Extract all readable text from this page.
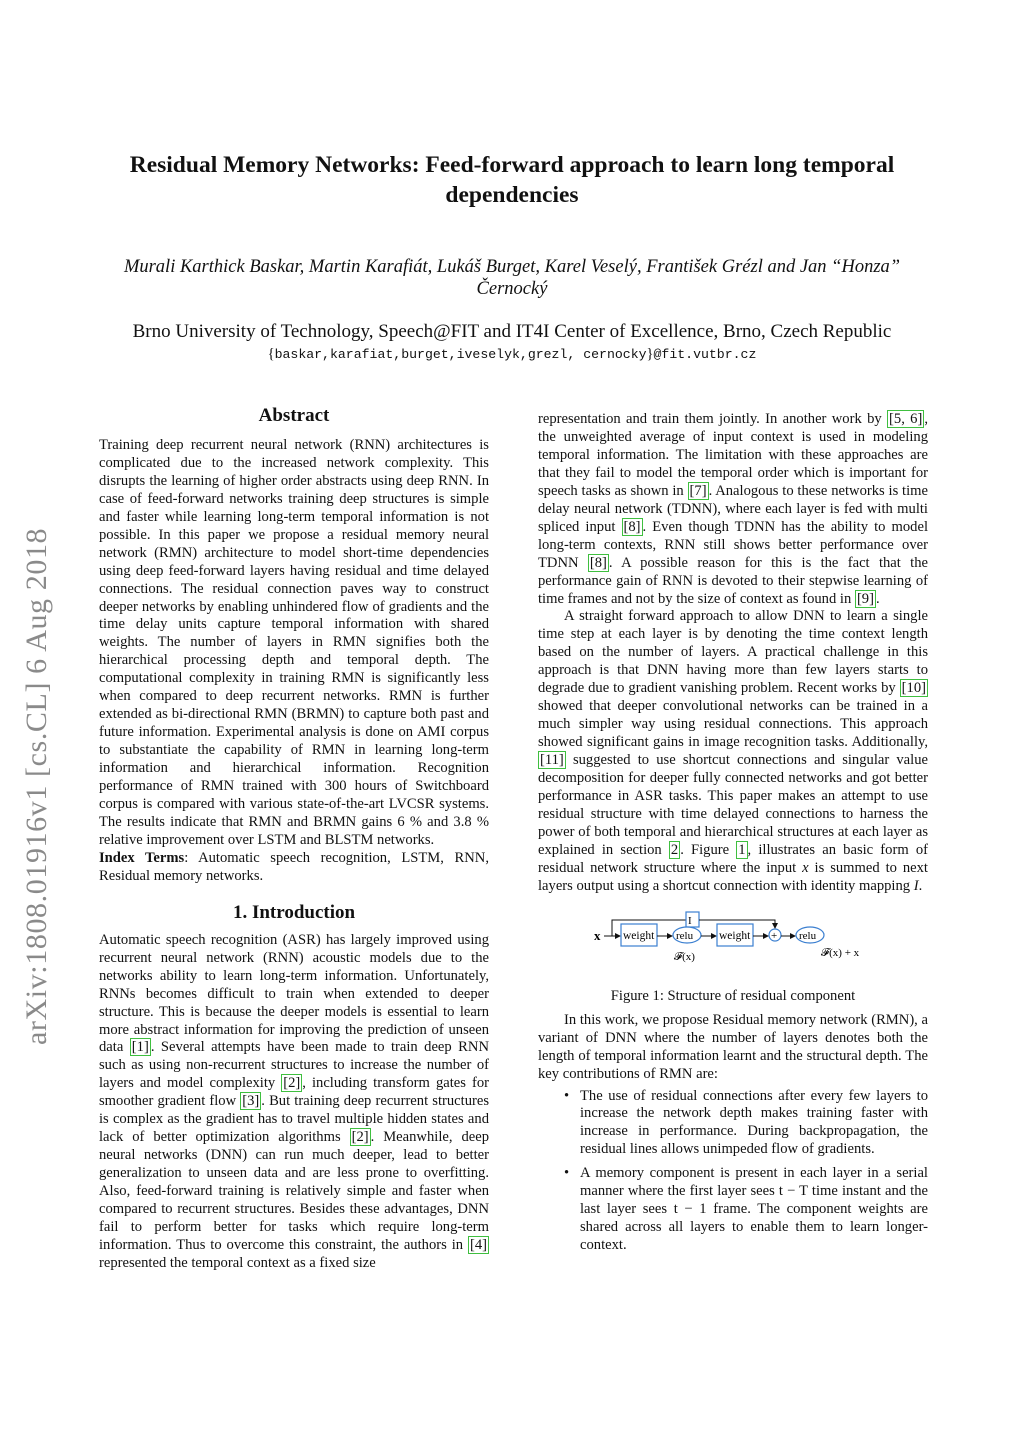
arXiv:1808.01916v1 [cs.CL] 6 Aug 2018
Residual Memory Networks: Feed-forward approach to learn long temporal dependencies
Murali Karthick Baskar, Martin Karafiát, Lukáš Burget, Karel Veselý, František Grézl and Jan “Honza” Černocký
Brno University of Technology, Speech@FIT and IT4I Center of Excellence, Brno, Czech Republic
{baskar,karafiat,burget,iveselyk,grezl, cernocky}@fit.vutbr.cz
Abstract

Training deep recurrent neural network (RNN) architectures is complicated due to the increased network complexity. This disrupts the learning of higher order abstracts using deep RNN. In case of feed-forward networks training deep structures is simple and faster while learning long-term temporal information is not possible. In this paper we propose a residual memory neural network (RMN) architecture to model short-time dependencies using deep feed-forward layers having residual and time delayed connections. The residual connection paves way to construct deeper networks by enabling unhindered flow of gradients and the time delay units capture temporal information with shared weights. The number of layers in RMN signifies both the hierarchical processing depth and temporal depth. The computational complexity in training RMN is significantly less when compared to deep recurrent networks. RMN is further extended as bi-directional RMN (BRMN) to capture both past and future information. Experimental analysis is done on AMI corpus to substantiate the capability of RMN in learning long-term information and hierarchical information. Recognition performance of RMN trained with 300 hours of Switchboard corpus is compared with various state-of-the-art LVCSR systems. The results indicate that RMN and BRMN gains 6 % and 3.8 % relative improvement over LSTM and BLSTM networks.

Index Terms: Automatic speech recognition, LSTM, RNN, Residual memory networks.

1. Introduction

Automatic speech recognition (ASR) has largely improved using recurrent neural network (RNN) acoustic models due to the networks ability to learn long-term information. Unfortunately, RNNs becomes difficult to train when extended to deeper structure. This is because the deeper models is essential to learn more abstract information for improving the prediction of unseen data [1] . Several attempts have been made to train deep RNN such as using non-recurrent structures to increase the number of layers and model complexity [2] , including transform gates for smoother gradient flow [3] . But training deep recurrent structures is complex as the gradient has to travel multiple hidden states and lack of better optimization algorithms [2] . Meanwhile, deep neural networks (DNN) can run much deeper, lead to better generalization to unseen data and are less prone to overfitting. Also, feed-forward training is relatively simple and faster when compared to recurrent structures. Besides these advantages, DNN fail to perform better for tasks which require long-term information. Thus to overcome this constraint, the authors in [4] represented the temporal context as a fixed size

representation and train them jointly. In another work by [5, 6] , the unweighted average of input context is used in modeling temporal information. The limitation with these approaches are that they fail to model the temporal order which is important for speech tasks as shown in [7] . Analogous to these networks is time delay neural network (TDNN), where each layer is fed with multi spliced input [8] . Even though TDNN has the ability to model long-term contexts, RNN still shows better performance over TDNN [8] . A possible reason for this is the fact that the performance gain of RNN is devoted to their stepwise learning of time frames and not by the size of context as found in [9] .

A straight forward approach to allow DNN to learn a single time step at each layer is by denoting the time context length based on the number of layers. A practical challenge in this approach is that DNN having more than few layers starts to degrade due to gradient vanishing problem. Recent works by [10] showed that deeper convolutional networks can be trained in a much simpler way using residual connections. This approach showed significant gains in image recognition tasks. Additionally, [11] suggested to use shortcut connections and singular value decomposition for deeper fully connected networks and got better performance in ASR tasks. This paper makes an attempt to use residual structure with time delayed connections to harness the power of both temporal and hierarchical structures at each layer as explained in section 2 . Figure 1 , illustrates an basic form of residual network structure where the input x is summed to next layers output using a shortcut connection with identity mapping I.

x
I
weight relu weight + relu
𝓕(x)	𝓕(x) + x
Figure 1: Structure of residual component

In this work, we propose Residual memory network (RMN), a variant of DNN where the number of layers denotes both the length of temporal information learnt and the structural depth. The key contributions of RMN are:

• The use of residual connections after every few layers to increase the network depth makes training faster with increase in performance. During backpropagation, the residual lines allows unimpeded flow of gradients.
• A memory component is present in each layer in a serial manner where the first layer sees t − T time instant and the last layer sees t − 1 frame. The component weights are shared across all layers to enable them to learn longer-context.
